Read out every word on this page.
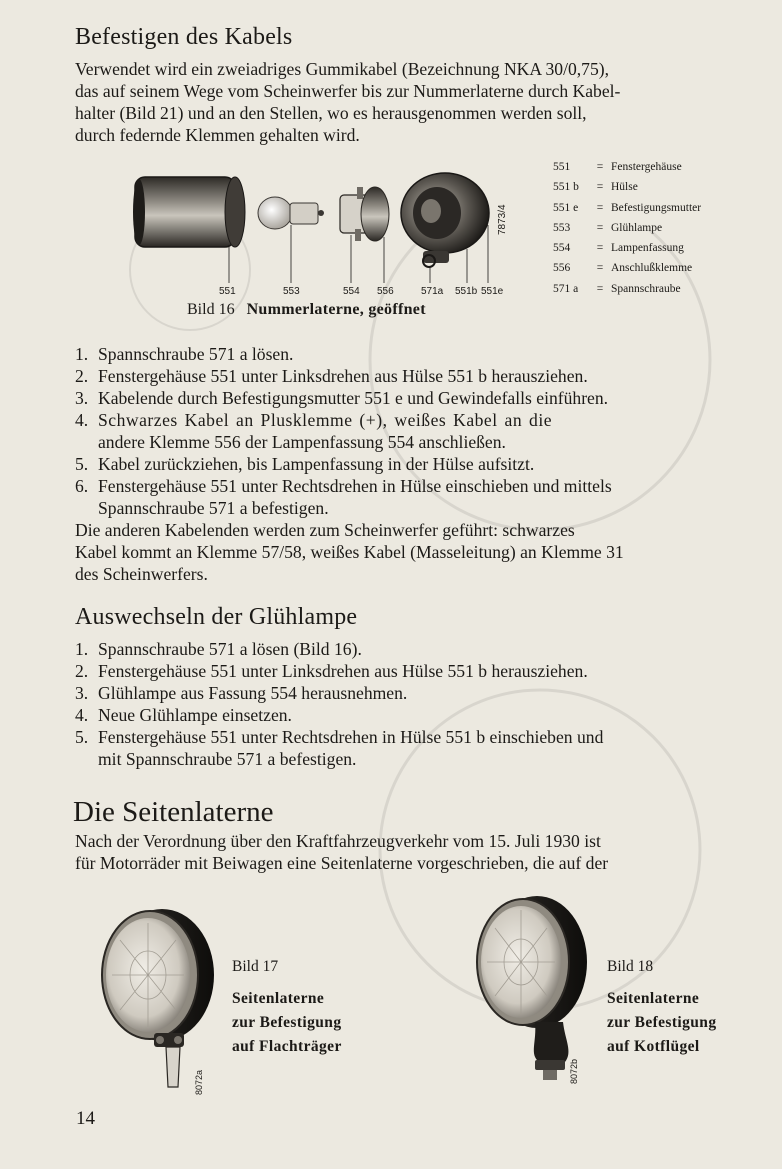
Befestigen des Kabels
Verwendet wird ein zweiadriges Gummikabel (Bezeichnung NKA 30/0,75),
das auf seinem Wege vom Scheinwerfer bis zur Nummerlaterne durch Kabel-
halter (Bild 21) und an den Stellen, wo es herausgenommen werden soll,
durch federnde Klemmen gehalten wird.
7873/4
551	553	554 556	571a 551b 551e
551	= Fenstergehäuse
551 b	= Hülse
551 e	= Befestigungsmutter
553	= Glühlampe
554	= Lampenfassung
556	= Anschlußklemme
571 a	= Spannschraube
Bild 16 Nummerlaterne, geöffnet
1. Spannschraube 571 a lösen.
2. Fenstergehäuse 551 unter Linksdrehen aus Hülse 551 b herausziehen.
3. Kabelende durch Befestigungsmutter 551 e und Gewindefalls einführen.
4. Schwarzes Kabel an Plusklemme (+), weißes Kabel an die
andere Klemme 556 der Lampenfassung 554 anschließen.
5. Kabel zurückziehen, bis Lampenfassung in der Hülse aufsitzt.
6. Fenstergehäuse 551 unter Rechtsdrehen in Hülse einschieben und mittels
Spannschraube 571 a befestigen.
Die anderen Kabelenden werden zum Scheinwerfer geführt: schwarzes
Kabel kommt an Klemme 57/58, weißes Kabel (Masseleitung) an Klemme 31
des Scheinwerfers.
Auswechseln der Glühlampe
1. Spannschraube 571 a lösen (Bild 16).
2. Fenstergehäuse 551 unter Linksdrehen aus Hülse 551 b herausziehen.
3. Glühlampe aus Fassung 554 herausnehmen.
4. Neue Glühlampe einsetzen.
5. Fenstergehäuse 551 unter Rechtsdrehen in Hülse 551 b einschieben und
mit Spannschraube 571 a befestigen.
Die Seitenlaterne
Nach der Verordnung über den Kraftfahrzeugverkehr vom 15. Juli 1930 ist
für Motorräder mit Beiwagen eine Seitenlaterne vorgeschrieben, die auf der
8072a
Bild 17
Seitenlaterne
zur Befestigung
auf Flachträger
8072b
Bild 18
Seitenlaterne
zur Befestigung
auf Kotflügel
14
